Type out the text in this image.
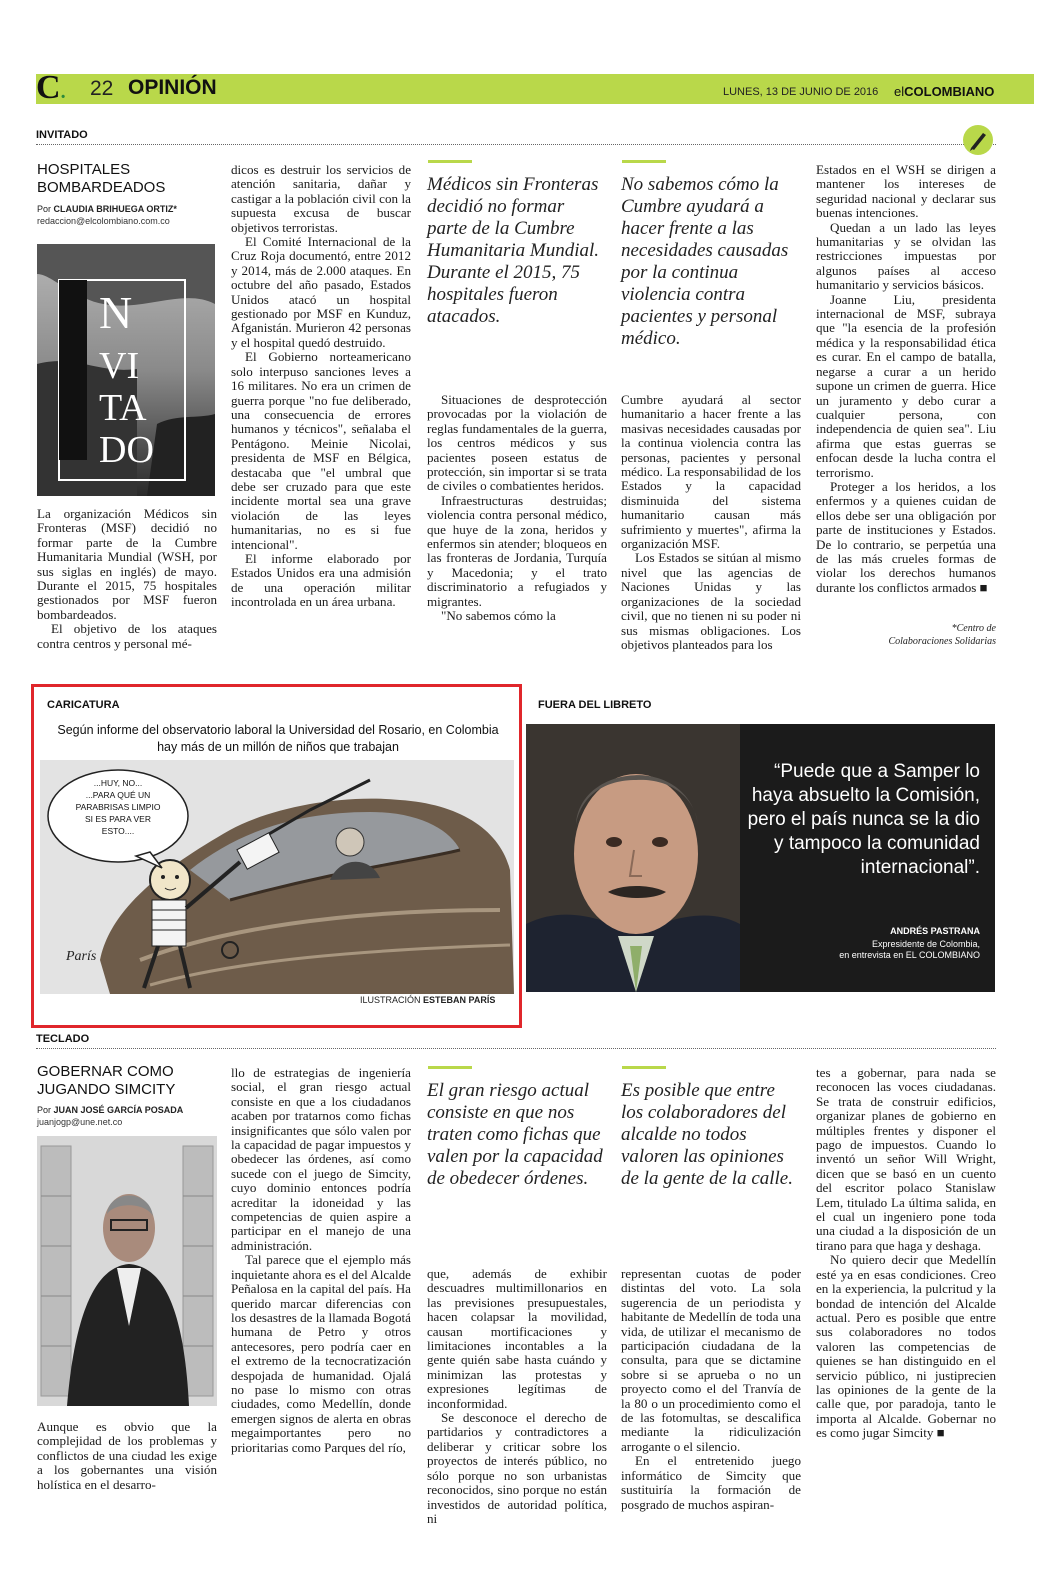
C. 22 OPINIÓN	LUNES, 13 DE JUNIO DE 2016 elCOLOMBIANO
INVITADO
HOSPITALES
BOMBARDEADOS
Por CLAUDIA BRIHUEGA ORTIZ*
redaccion@elcolombiano.com.co
N
VI
TA
DO

La organización Médicos sin Fronteras (MSF) decidió no formar parte de la Cumbre Humanitaria Mundial (WSH, por sus siglas en inglés) de mayo. Durante el 2015, 75 hospitales gestionados por MSF fueron bombardeados.

El objetivo de los ataques contra centros y personal mé-

dicos es destruir los servicios de atención sanitaria, dañar y castigar a la población civil con la supuesta excusa de buscar objetivos terroristas.

El Comité Internacional de la Cruz Roja documentó, entre 2012 y 2014, más de 2.000 ataques. En octubre del año pasado, Estados Unidos atacó un hospital gestionado por MSF en Kunduz, Afganistán. Murieron 42 personas y el hospital quedó destruido.

El Gobierno norteamericano solo interpuso sanciones leves a 16 militares. No era un crimen de guerra porque "no fue deliberado, una consecuencia de errores humanos y técnicos", señalaba el Pentágono. Meinie Nicolai, presidenta de MSF en Bélgica, destacaba que "el umbral que debe ser cruzado para que este incidente mortal sea una grave violación de las leyes humanitarias, no es si fue intencional".

El informe elaborado por Estados Unidos era una admisión de una operación militar incontrolada en un área urbana.

Médicos sin Fronteras decidió no formar parte de la Cumbre Humanitaria Mundial. Durante el 2015, 75 hospitales fueron atacados.

Situaciones de desprotección provocadas por la violación de reglas fundamentales de la guerra, los centros médicos y sus pacientes poseen estatus de protección, sin importar si se trata de civiles o combatientes heridos.

Infraestructuras destruidas; violencia contra personal médico, que huye de la zona, heridos y enfermos sin atender; bloqueos en las fronteras de Jordania, Turquía y Macedonia; y el trato discriminatorio a refugiados y migrantes.

"No sabemos cómo la

No sabemos cómo la Cumbre ayudará a hacer frente a las necesidades causadas por la continua violencia contra pacientes y personal médico.

Cumbre ayudará al sector humanitario a hacer frente a las masivas necesidades causadas por la continua violencia contra las personas, pacientes y personal médico. La responsabilidad de los Estados y la capacidad disminuida del sistema humanitario causan más sufrimiento y muertes", afirma la organización MSF.

Los Estados se sitúan al mismo nivel que las agencias de Naciones Unidas y las organizaciones de la sociedad civil, que no tienen ni su poder ni sus mismas obligaciones. Los objetivos planteados para los

Estados en el WSH se dirigen a mantener los intereses de seguridad nacional y declarar sus buenas intenciones.

Quedan a un lado las leyes humanitarias y se olvidan las restricciones impuestas por algunos países al acceso humanitario y servicios básicos.

Joanne Liu, presidenta internacional de MSF, subraya que "la esencia de la profesión médica y la responsabilidad ética es curar. En el campo de batalla, negarse a curar a un herido supone un crimen de guerra. Hice un juramento y debo curar a cualquier persona, con independencia de quien sea". Liu afirma que estas guerras se enfocan desde la lucha contra el terrorismo.

Proteger a los heridos, a los enfermos y a quienes cuidan de ellos debe ser una obligación por parte de instituciones y Estados. De lo contrario, se perpetúa una de las más crueles formas de violar los derechos humanos durante los conflictos armados ■

*Centro de
Colaboraciones Solidarias
CARICATURA
Según informe del observatorio laboral la Universidad del Rosario, en Colombia
hay más de un millón de niños que trabajan
...HUY, NO...
...PARA QUÉ UN
PARABRISAS LIMPIO
SI ES PARA VER
ESTO....
París
ILUSTRACIÓN ESTEBAN PARÍS
FUERA DEL LIBRETO
“Puede que a Samper lo haya absuelto la Comisión, pero el país nunca se la dio y tampoco la comunidad internacional”.
ANDRÉS PASTRANA
Expresidente de Colombia,
en entrevista en EL COLOMBIANO
TECLADO
GOBERNAR COMO
JUGANDO SIMCITY
Por JUAN JOSÉ GARCÍA POSADA
juanjogp@une.net.co

Aunque es obvio que la complejidad de los problemas y conflictos de una ciudad les exige a los gobernantes una visión holística en el desarro-

llo de estrategias de ingeniería social, el gran riesgo actual consiste en que a los ciudadanos acaben por tratarnos como fichas insignificantes que sólo valen por la capacidad de pagar impuestos y obedecer las órdenes, así como sucede con el juego de Simcity, cuyo dominio entonces podría acreditar la idoneidad y las competencias de quien aspire a participar en el manejo de una administración.

Tal parece que el ejemplo más inquietante ahora es el del Alcalde Peñalosa en la capital del país. Ha querido marcar diferencias con los desastres de la llamada Bogotá humana de Petro y otros antecesores, pero podría caer en el extremo de la tecnocratización despojada de humanidad. Ojalá no pase lo mismo con otras ciudades, como Medellín, donde emergen signos de alerta en obras megaimportantes pero no prioritarias como Parques del río,

El gran riesgo actual consiste en que nos traten como fichas que valen por la capacidad de obedecer órdenes.

que, además de exhibir descuadres multimillonarios en las previsiones presupuestales, hacen colapsar la movilidad, causan mortificaciones y limitaciones incontables a la gente quién sabe hasta cuándo y minimizan las protestas y expresiones legítimas de inconformidad.

Se desconoce el derecho de partidarios y contradictores a deliberar y criticar sobre los proyectos de interés público, no sólo porque no son urbanistas reconocidos, sino porque no están investidos de autoridad política, ni

Es posible que entre los colaboradores del alcalde no todos valoren las opiniones de la gente de la calle.

representan cuotas de poder distintas del voto. La sola sugerencia de un periodista y habitante de Medellín de toda una vida, de utilizar el mecanismo de participación ciudadana de la consulta, para que se dictamine sobre si se aprueba o no un proyecto como el del Tranvía de la 80 o un procedimiento como el de las fotomultas, se descalifica mediante la ridiculización arrogante o el silencio.

En el entretenido juego informático de Simcity que sustituiría la formación de posgrado de muchos aspiran-

tes a gobernar, para nada se reconocen las voces ciudadanas. Se trata de construir edificios, organizar planes de gobierno en múltiples frentes y disponer el pago de impuestos. Cuando lo inventó un señor Will Wright, dicen que se basó en un cuento del escritor polaco Stanislaw Lem, titulado La última salida, en el cual un ingeniero pone toda una ciudad a la disposición de un tirano para que haga y deshaga.

No quiero decir que Medellín esté ya en esas condiciones. Creo en la experiencia, la pulcritud y la bondad de intención del Alcalde actual. Pero es posible que entre sus colaboradores no todos valoren las competencias de quienes se han distinguido en el servicio público, ni justiprecien las opiniones de la gente de la calle que, por paradoja, tanto le importa al Alcalde. Gobernar no es como jugar Simcity ■
